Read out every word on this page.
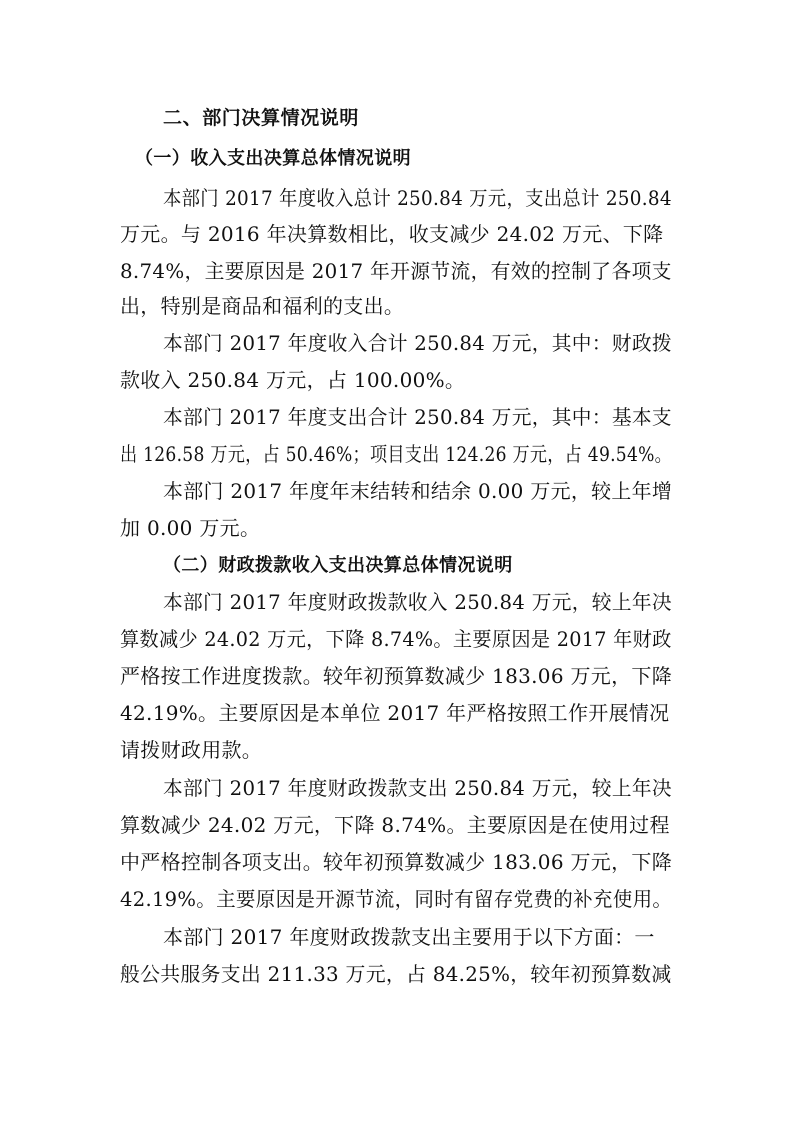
二、部门决算情况说明
（一）收入支出决算总体情况说明
本部门 2017 年度收入总计 250.84 万元，支出总计 250.84
万元。与 2016 年决算数相比，收支减少 24.02 万元、下降
8.74%，主要原因是 2017 年开源节流，有效的控制了各项支
出，特别是商品和福利的支出。
本部门 2017 年度收入合计 250.84 万元，其中：财政拨
款收入 250.84 万元，占 100.00%。
本部门 2017 年度支出合计 250.84 万元，其中：基本支
出 126.58 万元，占 50.46%；项目支出 124.26 万元，占 49.54%。
本部门 2017 年度年末结转和结余 0.00 万元，较上年增
加 0.00 万元。
（二）财政拨款收入支出决算总体情况说明
本部门 2017 年度财政拨款收入 250.84 万元，较上年决
算数减少 24.02 万元，下降 8.74%。主要原因是 2017 年财政
严格按工作进度拨款。较年初预算数减少 183.06 万元，下降
42.19%。主要原因是本单位 2017 年严格按照工作开展情况
请拨财政用款。
本部门 2017 年度财政拨款支出 250.84 万元，较上年决
算数减少 24.02 万元，下降 8.74%。主要原因是在使用过程
中严格控制各项支出。较年初预算数减少 183.06 万元，下降
42.19%。主要原因是开源节流，同时有留存党费的补充使用。
本部门 2017 年度财政拨款支出主要用于以下方面：一
般公共服务支出 211.33 万元，占 84.25%，较年初预算数减
